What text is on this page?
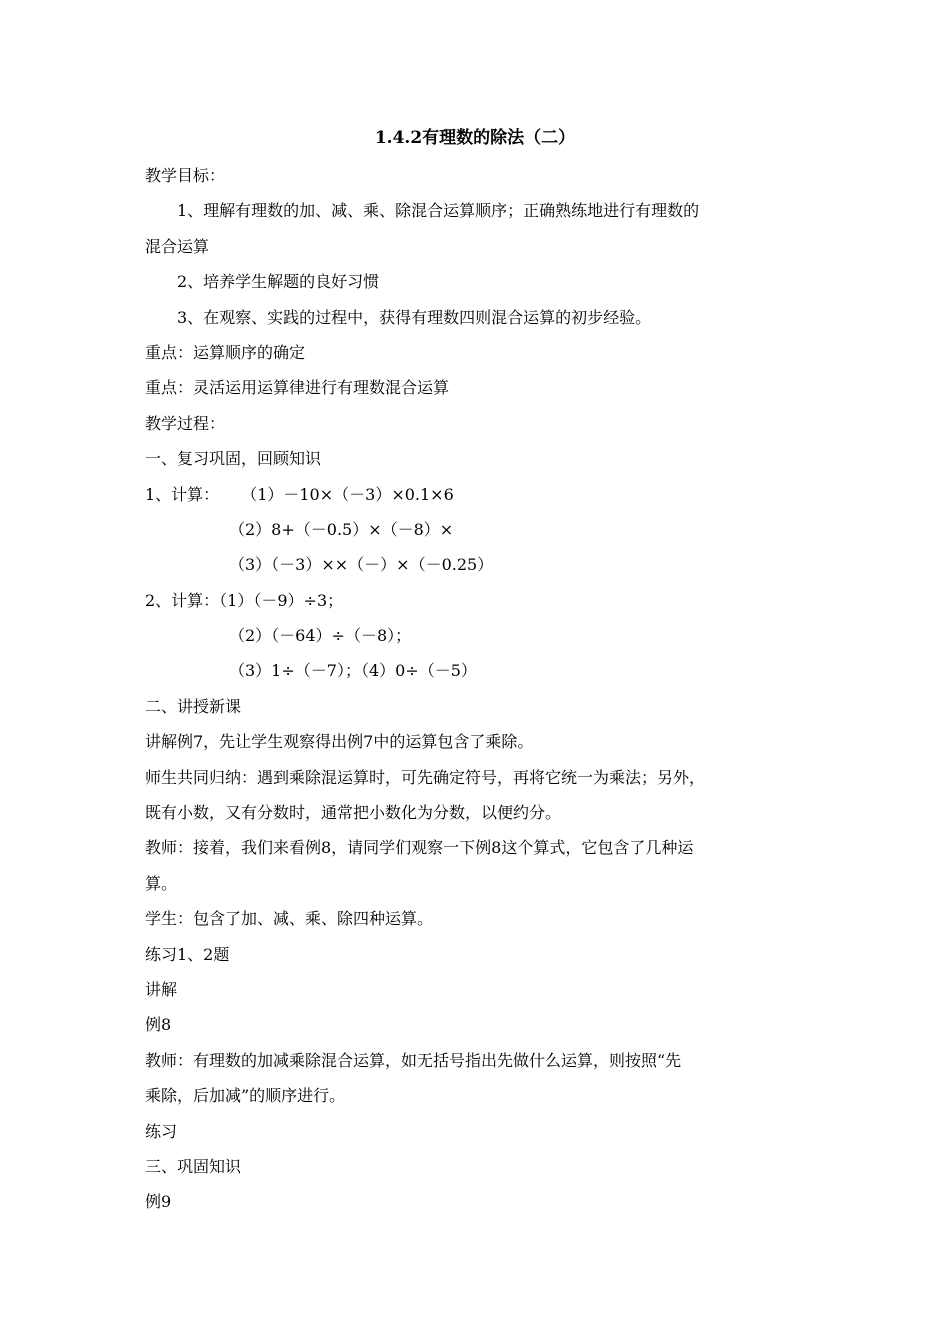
1.4.2有理数的除法（二）
教学目标：
1、理解有理数的加、减、乘、除混合运算顺序；正确熟练地进行有理数的
混合运算
2、培养学生解题的良好习惯
3、在观察、实践的过程中，获得有理数四则混合运算的初步经验。
重点：运算顺序的确定
重点：灵活运用运算律进行有理数混合运算
教学过程：
一、复习巩固，回顾知识
1、计算： （1）－10×（－3）×0.1×6
（2）8+（－0.5）×（－8）×
（3）（－3）××（－）×（－0.25）
2、计算：（1）（－9）÷3；
（2）（－64）÷（－8）；
（3）1÷（－7）；（4）0÷（－5）
二、讲授新课
讲解例7，先让学生观察得出例7中的运算包含了乘除。
师生共同归纳：遇到乘除混运算时，可先确定符号，再将它统一为乘法；另外，
既有小数，又有分数时，通常把小数化为分数，以便约分。
教师：接着，我们来看例8，请同学们观察一下例8这个算式，它包含了几种运
算。
学生：包含了加、减、乘、除四种运算。
练习1、2题
讲解
例8
教师：有理数的加减乘除混合运算，如无括号指出先做什么运算，则按照“先
乘除，后加减”的顺序进行。
练习
三、巩固知识
例9
